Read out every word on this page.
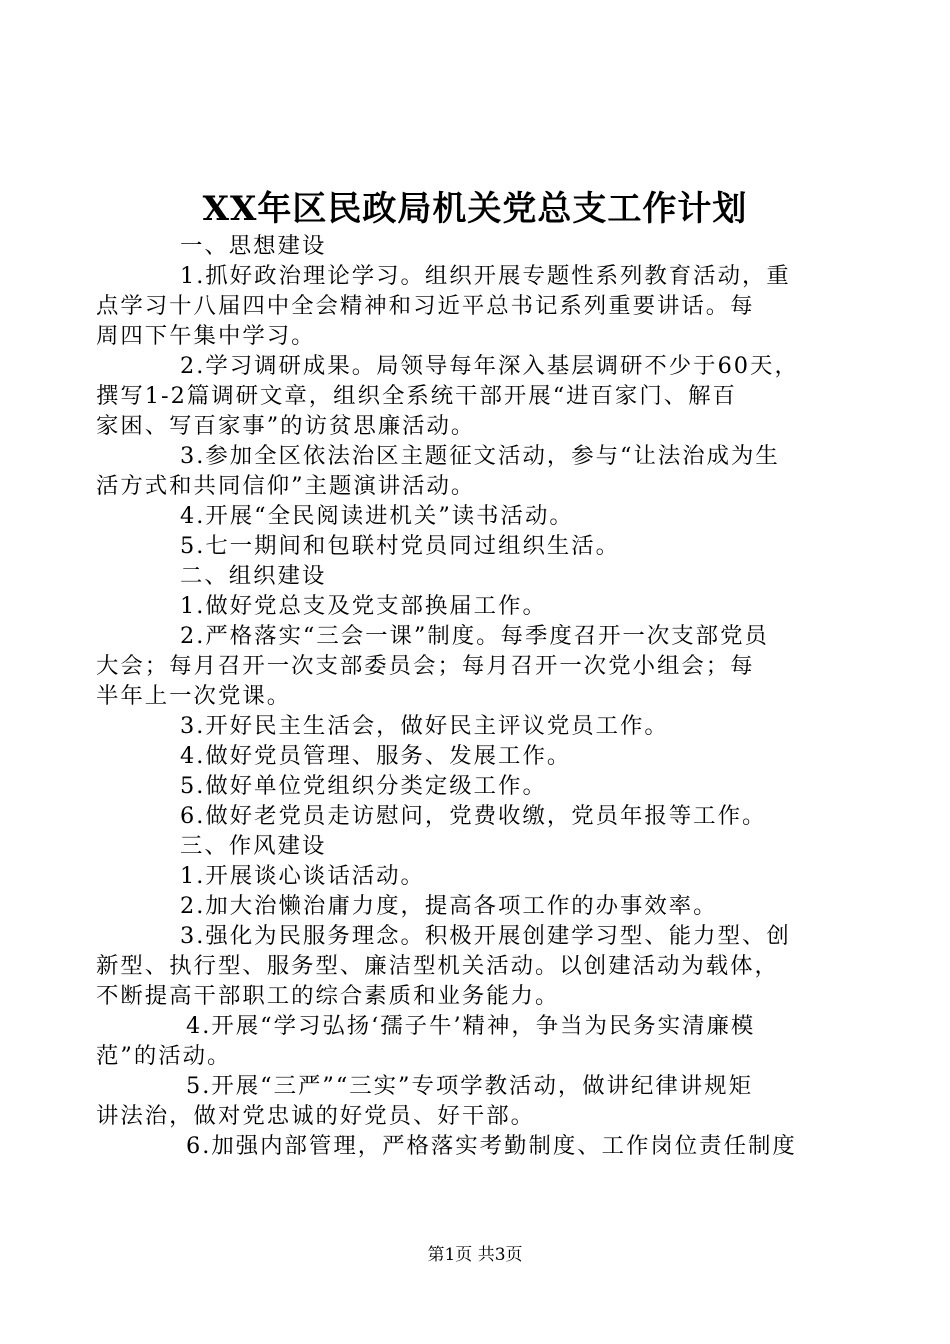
XX年区民政局机关党总支工作计划
一、思想建设
1.抓好政治理论学习。组织开展专题性系列教育活动，重
点学习十八届四中全会精神和习近平总书记系列重要讲话。每
周四下午集中学习。
2.学习调研成果。局领导每年深入基层调研不少于60天，
撰写1-2篇调研文章，组织全系统干部开展“进百家门、解百
家困、写百家事”的访贫思廉活动。
3.参加全区依法治区主题征文活动，参与“让法治成为生
活方式和共同信仰”主题演讲活动。
4.开展“全民阅读进机关”读书活动。
5.七一期间和包联村党员同过组织生活。
二、组织建设
1.做好党总支及党支部换届工作。
2.严格落实“三会一课”制度。每季度召开一次支部党员
大会；每月召开一次支部委员会；每月召开一次党小组会；每
半年上一次党课。
3.开好民主生活会，做好民主评议党员工作。
4.做好党员管理、服务、发展工作。
5.做好单位党组织分类定级工作。
6.做好老党员走访慰问，党费收缴，党员年报等工作。
三、作风建设
1.开展谈心谈话活动。
2.加大治懒治庸力度，提高各项工作的办事效率。
3.强化为民服务理念。积极开展创建学习型、能力型、创
新型、执行型、服务型、廉洁型机关活动。以创建活动为载体，
不断提高干部职工的综合素质和业务能力。
4.开展“学习弘扬‘孺子牛’精神，争当为民务实清廉模
范”的活动。
5.开展“三严”“三实”专项学教活动，做讲纪律讲规矩
讲法治，做对党忠诚的好党员、好干部。
6.加强内部管理，严格落实考勤制度、工作岗位责任制度
第1页 共3页
